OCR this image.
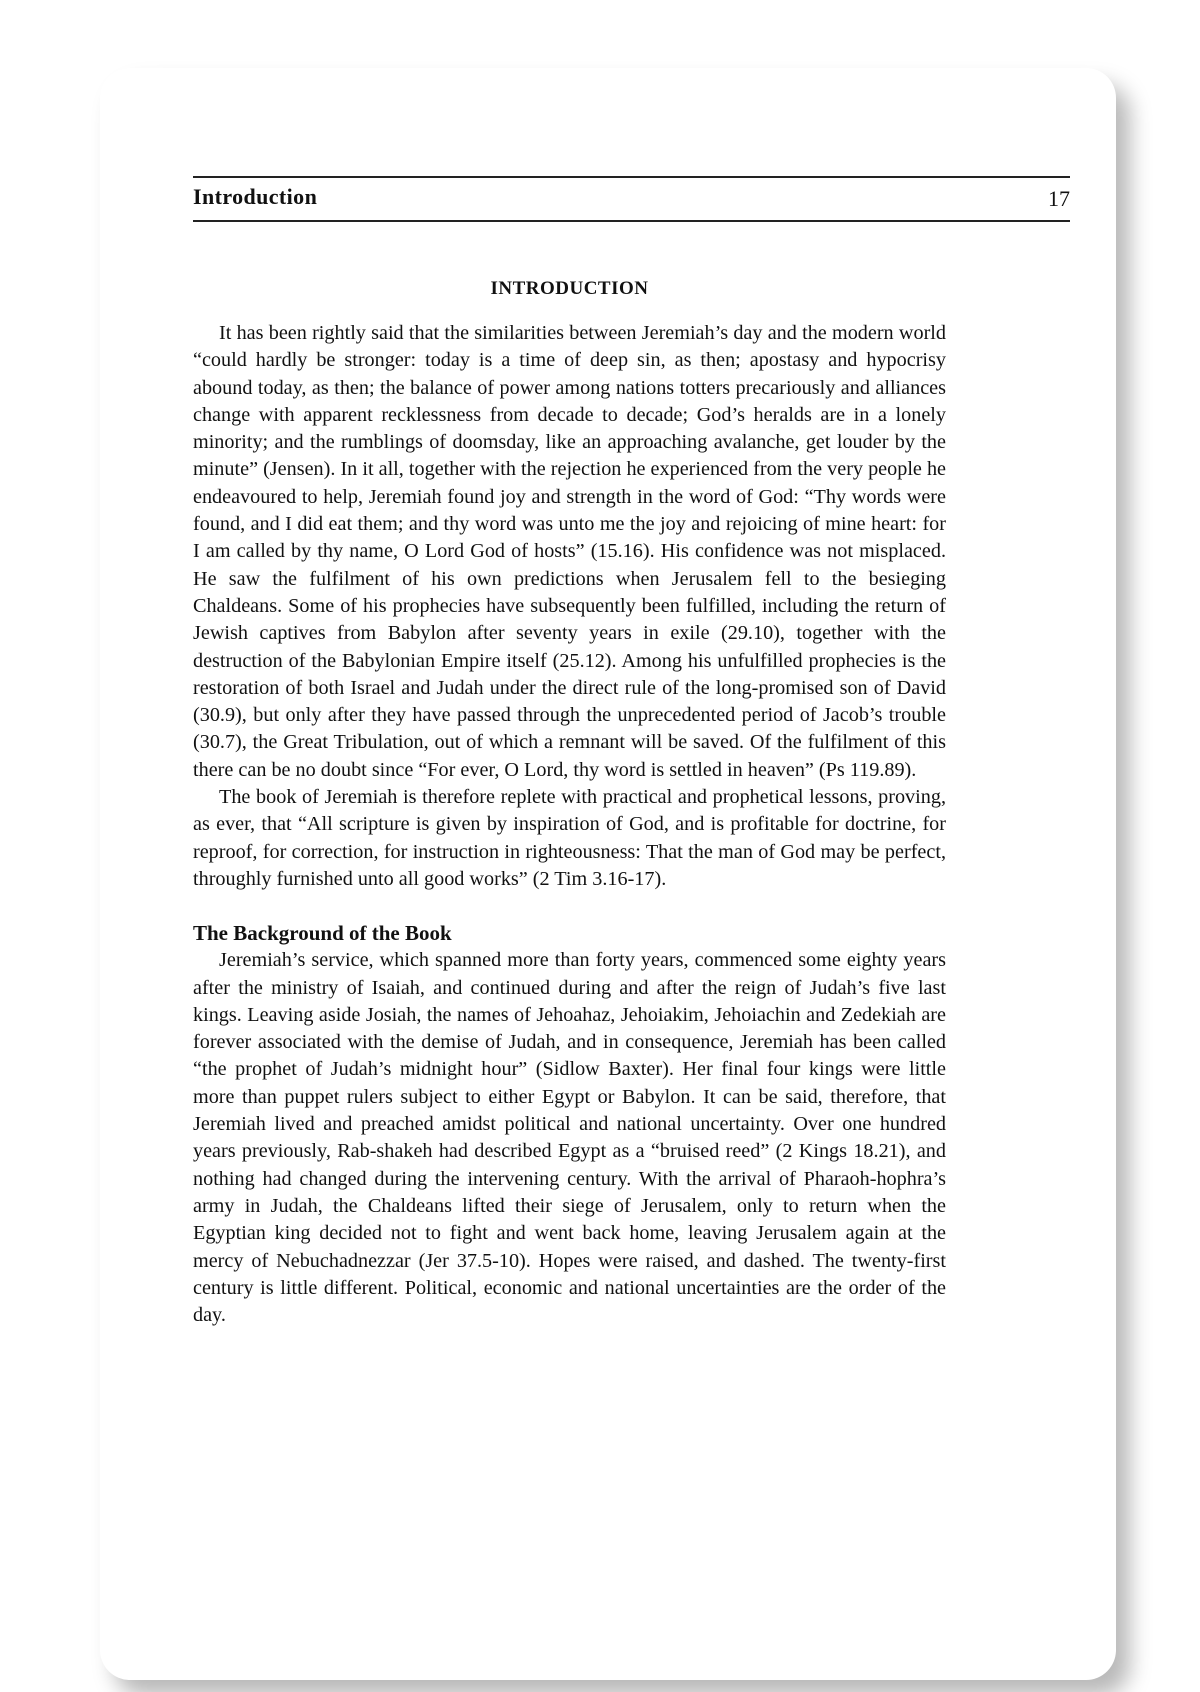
Introduction	17
INTRODUCTION

It has been rightly said that the similarities between Jeremiah’s day and the modern world “could hardly be stronger: today is a time of deep sin, as then; apostasy and hypocrisy abound today, as then; the balance of power among nations totters precariously and alliances change with apparent recklessness from decade to decade; God’s heralds are in a lonely minority; and the rumblings of doomsday, like an approaching avalanche, get louder by the minute” (Jensen). In it all, together with the rejection he experienced from the very people he endeavoured to help, Jeremiah found joy and strength in the word of God: “Thy words were found, and I did eat them; and thy word was unto me the joy and rejoicing of mine heart: for I am called by thy name, O Lord God of hosts” (15.16). His confidence was not misplaced. He saw the fulfilment of his own predictions when Jerusalem fell to the besieging Chaldeans. Some of his prophecies have subsequently been fulfilled, including the return of Jewish captives from Babylon after seventy years in exile (29.10), together with the destruction of the Babylonian Empire itself (25.12). Among his unfulfilled prophecies is the restoration of both Israel and Judah under the direct rule of the long-promised son of David (30.9), but only after they have passed through the unprecedented period of Jacob’s trouble (30.7), the Great Tribulation, out of which a remnant will be saved. Of the fulfilment of this there can be no doubt since “For ever, O Lord, thy word is settled in heaven” (Ps 119.89).

The book of Jeremiah is therefore replete with practical and prophetical lessons, proving, as ever, that “All scripture is given by inspiration of God, and is profitable for doctrine, for reproof, for correction, for instruction in righteousness: That the man of God may be perfect, throughly furnished unto all good works” (2 Tim 3.16-17).

The Background of the Book

Jeremiah’s service, which spanned more than forty years, commenced some eighty years after the ministry of Isaiah, and continued during and after the reign of Judah’s five last kings. Leaving aside Josiah, the names of Jehoahaz, Jehoiakim, Jehoiachin and Zedekiah are forever associated with the demise of Judah, and in consequence, Jeremiah has been called “the prophet of Judah’s midnight hour” (Sidlow Baxter). Her final four kings were little more than puppet rulers subject to either Egypt or Babylon. It can be said, therefore, that Jeremiah lived and preached amidst political and national uncertainty. Over one hundred years previously, Rab-shakeh had described Egypt as a “bruised reed” (2 Kings 18.21), and nothing had changed during the intervening century. With the arrival of Pharaoh-hophra’s army in Judah, the Chaldeans lifted their siege of Jerusalem, only to return when the Egyptian king decided not to fight and went back home, leaving Jerusalem again at the mercy of Nebuchadnezzar (Jer 37.5-10). Hopes were raised, and dashed. The twenty-first century is little different. Political, economic and national uncertainties are the order of the day.
